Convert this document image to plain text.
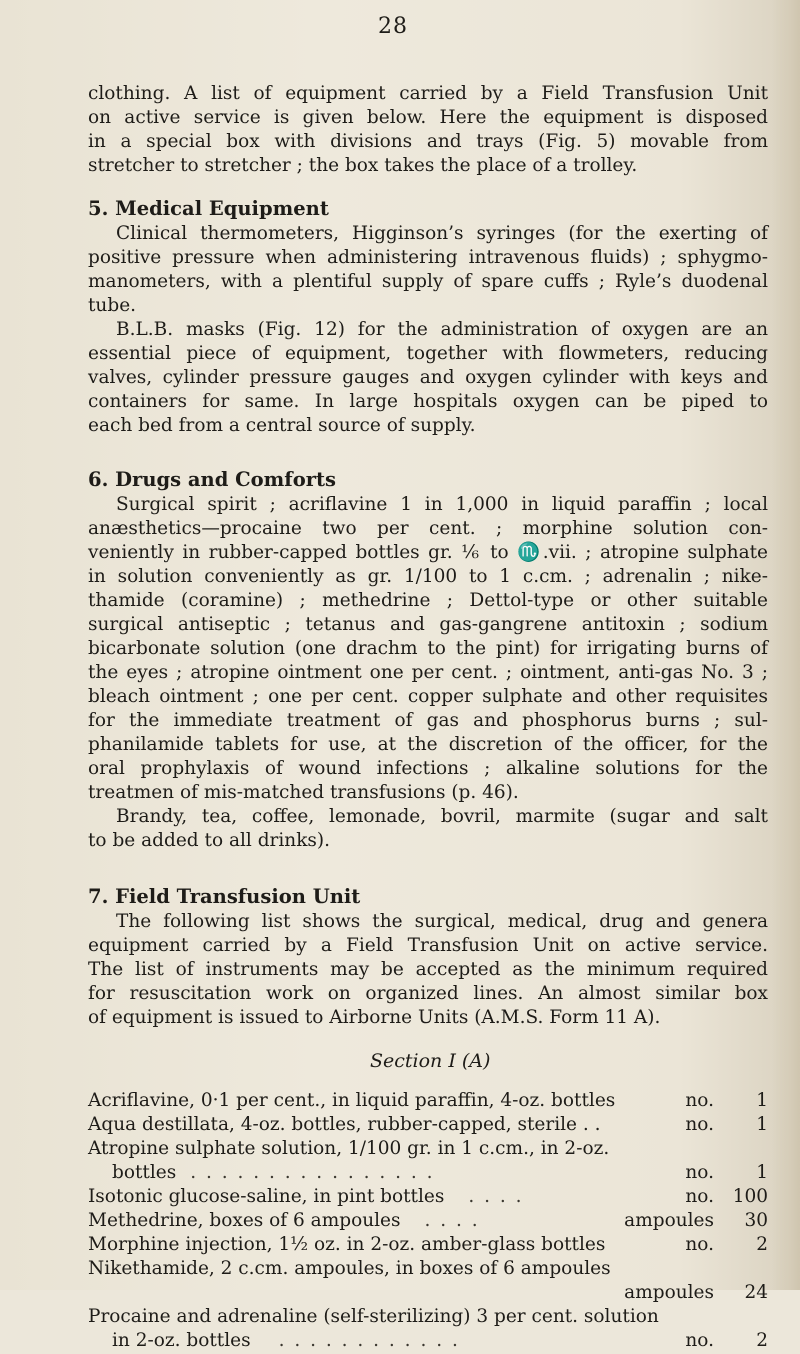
28

clothing. A list of equipment carried by a Field Transfusion Unit

on active service is given below. Here the equipment is disposed

in a special box with divisions and trays (Fig. 5) movable from

stretcher to stretcher ; the box takes the place of a trolley.

5. Medical Equipment

Clinical thermometers, Higginson’s syringes (for the exerting of

positive pressure when administering intravenous fluids) ; sphygmo-

manometers, with a plentiful supply of spare cuffs ; Ryle’s duodenal

tube.

B.L.B. masks (Fig. 12) for the administration of oxygen are an

essential piece of equipment, together with flowmeters, reducing

valves, cylinder pressure gauges and oxygen cylinder with keys and

containers for same. In large hospitals oxygen can be piped to

each bed from a central source of supply.

6. Drugs and Comforts

Surgical spirit ; acriflavine 1 in 1,000 in liquid paraffin ; local

anæsthetics—procaine two per cent. ; morphine solution con-

veniently in rubber-capped bottles gr. ⅙ to ♏.vii. ; atropine sulphate

in solution conveniently as gr. 1/100 to 1 c.cm. ; adrenalin ; nike-

thamide (coramine) ; methedrine ; Dettol-type or other suitable

surgical antiseptic ; tetanus and gas-gangrene antitoxin ; sodium

bicarbonate solution (one drachm to the pint) for irrigating burns of

the eyes ; atropine ointment one per cent. ; ointment, anti-gas No. 3 ;

bleach ointment ; one per cent. copper sulphate and other requisites

for the immediate treatment of gas and phosphorus burns ; sul-

phanilamide tablets for use, at the discretion of the officer, for the

oral prophylaxis of wound infections ; alkaline solutions for the

treatmen of mis-matched transfusions (p. 46).

Brandy, tea, coffee, lemonade, bovril, marmite (sugar and salt

to be added to all drinks).

7. Field Transfusion Unit

The following list shows the surgical, medical, drug and genera

equipment carried by a Field Transfusion Unit on active service.

The list of instruments may be accepted as the minimum required

for resuscitation work on organized lines. An almost similar box

of equipment is issued to Airborne Units (A.M.S. Form 11 A).

Section I (A)
Acriflavine, 0·1 per cent., in liquid paraffin, 4-oz. bottles	no.	1
Aqua destillata, 4-oz. bottles, rubber-capped, sterile . .	no.	1
Atropine sulphate solution, 1/100 gr. in 1 c.cm., in 2-oz.
bottles . . . . . . . . . . . . . . . .	no.	1
Isotonic glucose-saline, in pint bottles . . . .	no. 100
Methedrine, boxes of 6 ampoules . . . .	ampoules	30
Morphine injection, 1½ oz. in 2-oz. amber-glass bottles	no.	2
Nikethamide, 2 c.cm. ampoules, in boxes of 6 ampoules
ampoules	24
Procaine and adrenaline (self-sterilizing) 3 per cent. solution
in 2-oz. bottles . . . . . . . . . . . .	no.	2
